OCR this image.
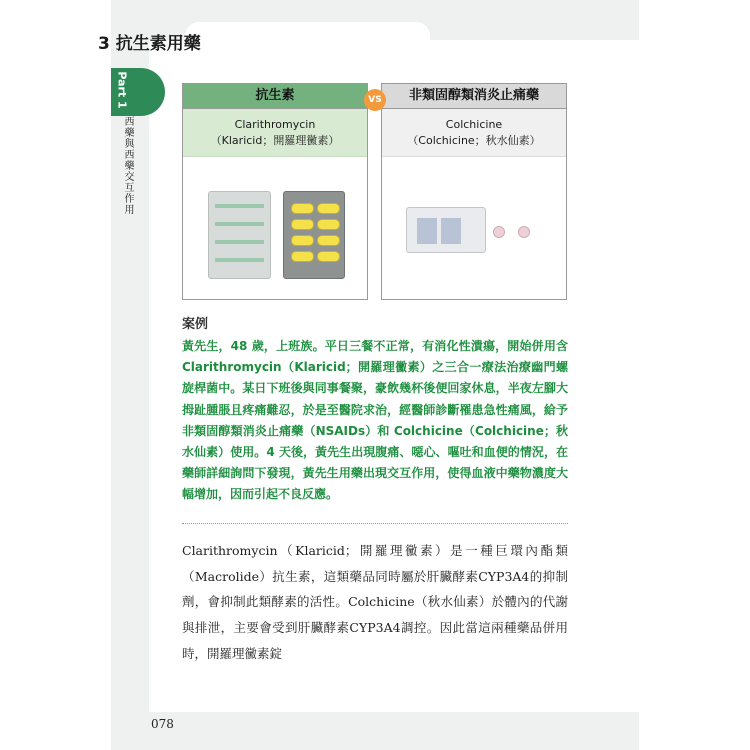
3 抗生素用藥
Part 1
西藥與西藥交互作用
抗生素
Clarithromycin
（Klaricid；開羅理黴素）
非類固醇類消炎止痛藥
Colchicine
（Colchicine；秋水仙素）
VS
案例

黃先生，48 歲，上班族。平日三餐不正常，有消化性潰瘍，開始併用含 Clarithromycin（Klaricid；開羅理黴素）之三合一療法治療幽門螺旋桿菌中。某日下班後與同事餐聚，豪飲幾杯後便回家休息，半夜左腳大拇趾腫脹且疼痛難忍，於是至醫院求治，經醫師診斷罹患急性痛風，給予非類固醇類消炎止痛藥（NSAIDs）和 Colchicine（Colchicine；秋水仙素）使用。4 天後，黃先生出現腹痛、噁心、嘔吐和血便的情況，在藥師詳細詢問下發現，黃先生用藥出現交互作用，使得血液中藥物濃度大幅增加，因而引起不良反應。

Clarithromycin（Klaricid；開羅理黴素）是一種巨環內酯類（Macrolide）抗生素，這類藥品同時屬於肝臟酵素CYP3A4的抑制劑，會抑制此類酵素的活性。Colchicine（秋水仙素）於體內的代謝與排泄，主要會受到肝臟酵素CYP3A4調控。因此當這兩種藥品併用時，開羅理黴素錠

078
